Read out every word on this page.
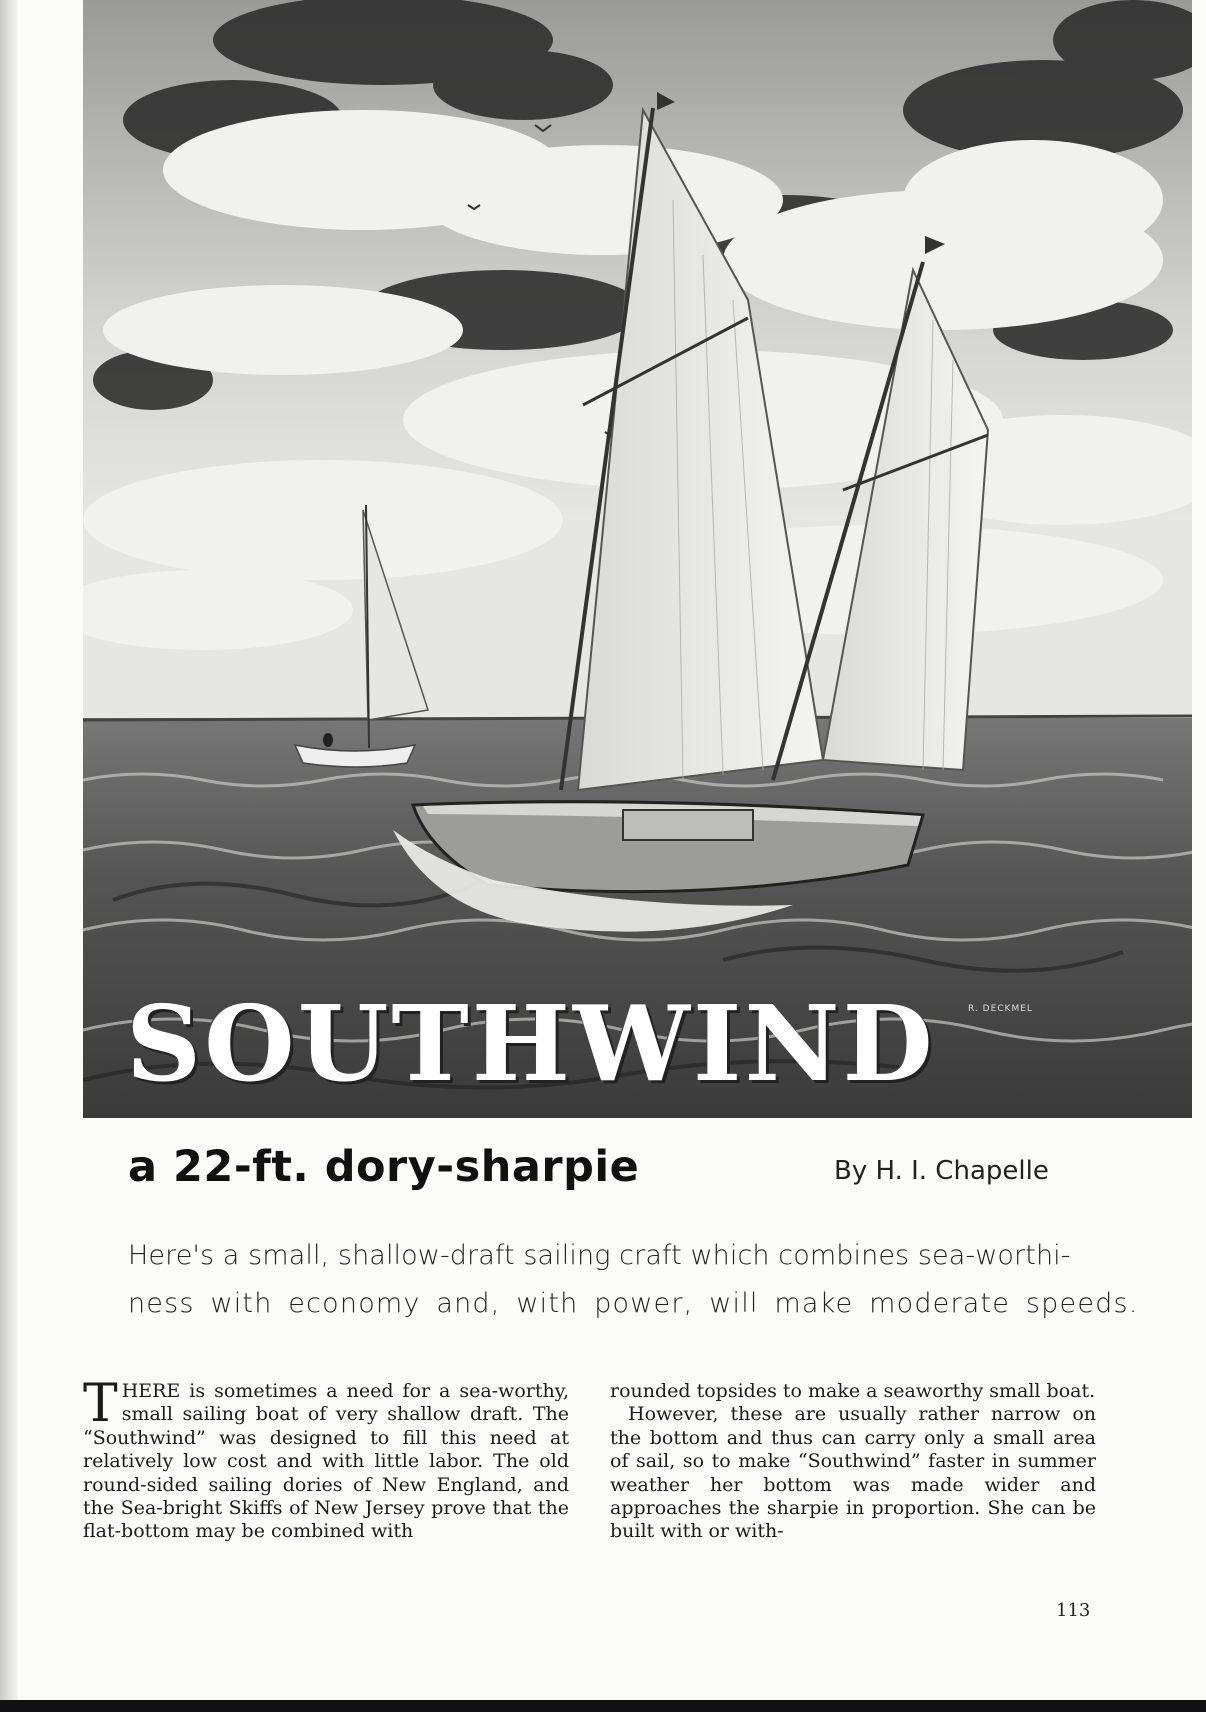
SOUTHWIND	R. DECKMEL
a 22-ft. dory-sharpie	By H. I. Chapelle
Here's a small, shallow-draft sailing craft which combines sea-worthi-
ness with economy and, with power, will make moderate speeds.

THERE is sometimes a need for a sea-worthy, small sailing boat of very shallow draft. The “Southwind” was designed to fill this need at relatively low cost and with little labor. The old round-sided sailing dories of New England, and the Sea-bright Skiffs of New Jersey prove that the flat-bottom may be combined with

rounded topsides to make a seaworthy small boat.

However, these are usually rather narrow on the bottom and thus can carry only a small area of sail, so to make “Southwind” faster in summer weather her bottom was made wider and approaches the sharpie in proportion. She can be built with or with-

113
